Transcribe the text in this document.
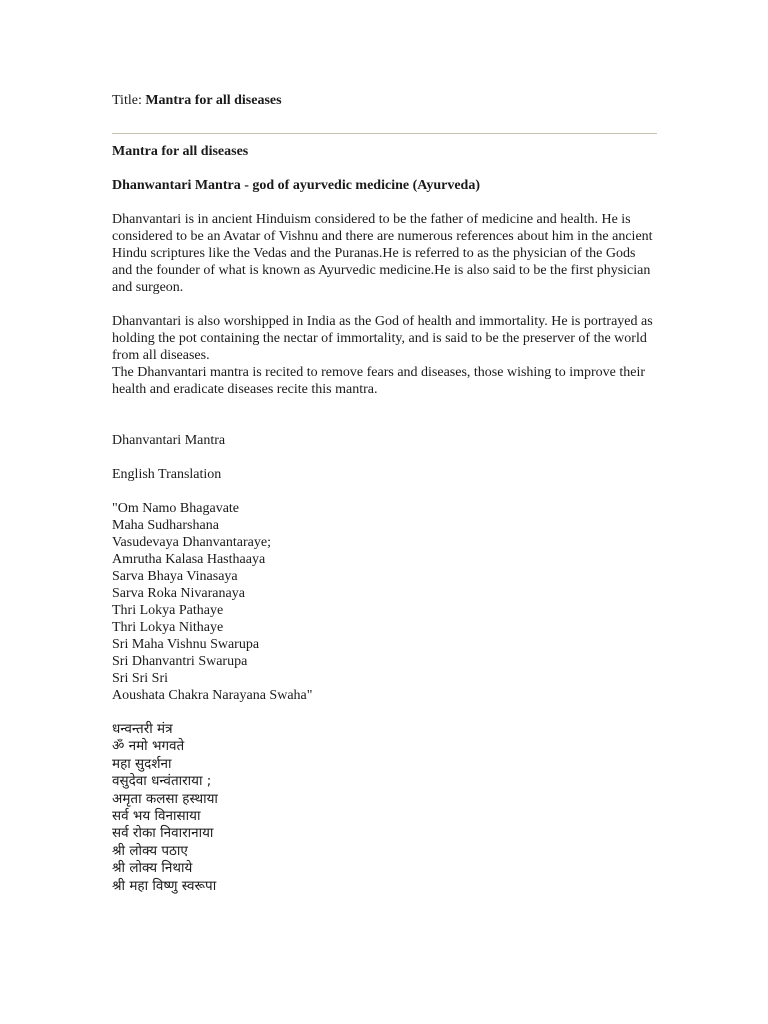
Title: Mantra for all diseases

Mantra for all diseases

Dhanwantari Mantra - god of ayurvedic medicine (Ayurveda)

Dhanvantari is in ancient Hinduism considered to be the father of medicine and health. He is considered to be an Avatar of Vishnu and there are numerous references about him in the ancient Hindu scriptures like the Vedas and the Puranas.He is referred to as the physician of the Gods and the founder of what is known as Ayurvedic medicine.He is also said to be the first physician and surgeon.

Dhanvantari is also worshipped in India as the God of health and immortality. He is portrayed as holding the pot containing the nectar of immortality, and is said to be the preserver of the world from all diseases.

The Dhanvantari mantra is recited to remove fears and diseases, those wishing to improve their health and eradicate diseases recite this mantra.

Dhanvantari Mantra

English Translation

"Om Namo Bhagavate
Maha Sudharshana
Vasudevaya Dhanvantaraye;
Amrutha Kalasa Hasthaaya
Sarva Bhaya Vinasaya
Sarva Roka Nivaranaya
Thri Lokya Pathaye
Thri Lokya Nithaye
Sri Maha Vishnu Swarupa
Sri Dhanvantri Swarupa
Sri Sri Sri
Aoushata Chakra Narayana Swaha"
धन्वन्तरी मंत्र
ॐ नमो भगवते
महा सुदर्शना
वसुदेवा धन्वंताराया ;
अमृता कलसा हस्थाया
सर्व भय विनासाया
सर्व रोका निवारानाया
श्री लोक्य पठाए
श्री लोक्य निथाये
श्री महा विष्णु स्वरूपा
